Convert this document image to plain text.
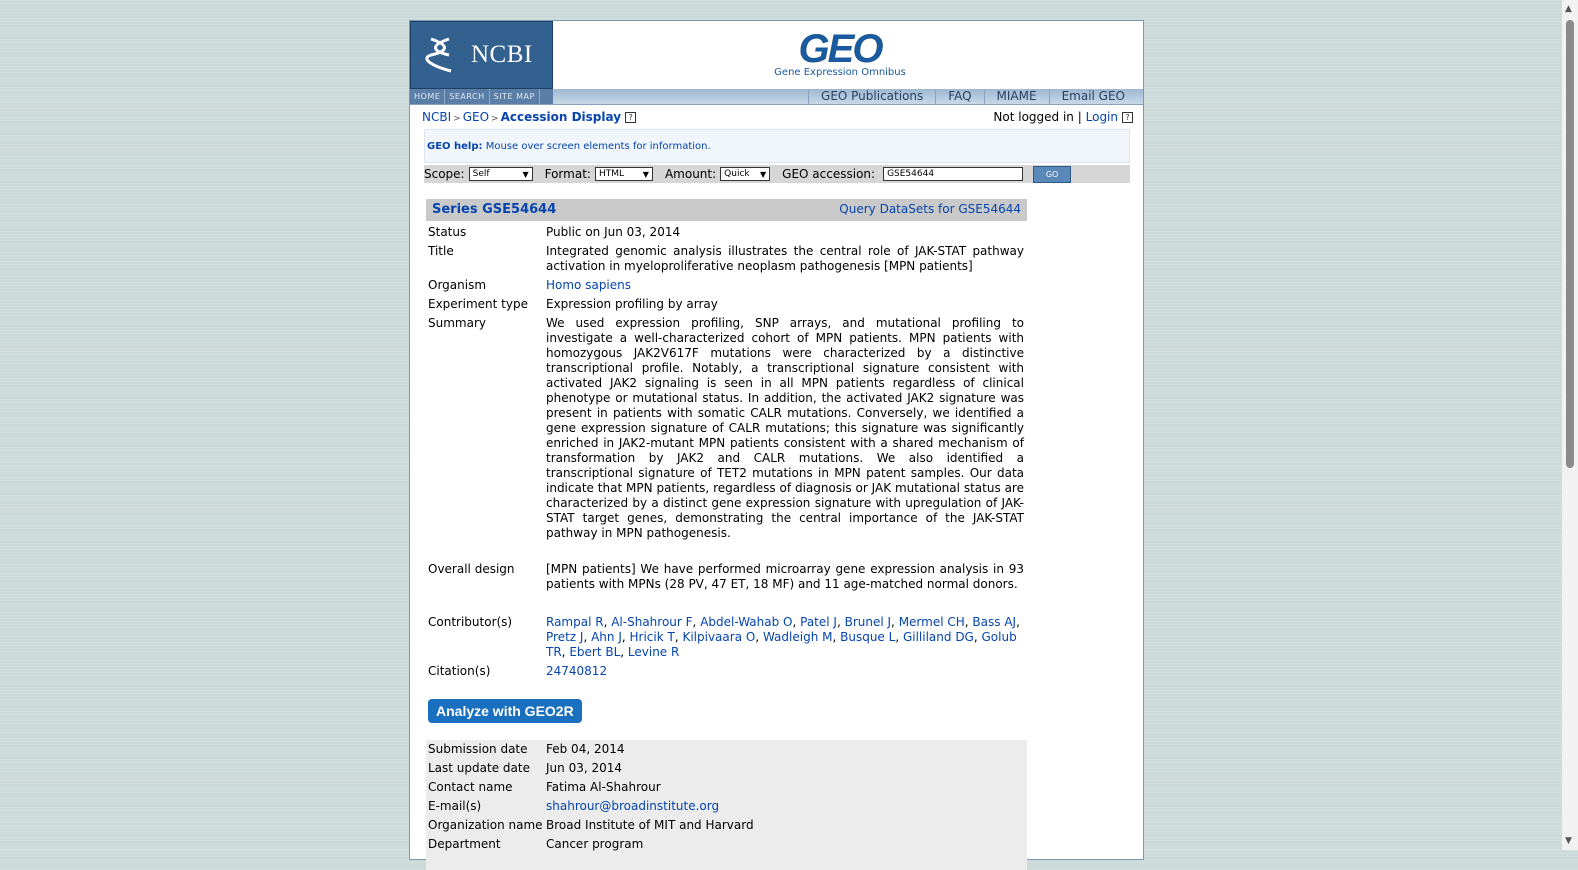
NCBI	GEO
Gene Expression Omnibus
HOME	SEARCH	SITE MAP	GEO Publications	FAQ	MIAME	Email GEO
NCBI > GEO > Accession Display ?	Not logged in | Login ?
GEO help: Mouse over screen elements for information.
Scope: Self	▼ Format: HTML ▼ Amount: Quick ▼ GEO accession:	GSE54644	GO
Series GSE54644	Query DataSets for GSE54644
Status	Public on Jun 03, 2014
Title	Integrated genomic analysis illustrates the central role of JAK-STAT pathway activation in myeloproliferative neoplasm pathogenesis [MPN patients]
Organism	Homo sapiens
Experiment type	Expression profiling by array
Summary	We used expression profiling, SNP arrays, and mutational profiling to investigate a well-characterized cohort of MPN patients. MPN patients with homozygous JAK2V617F mutations were characterized by a distinctive transcriptional profile. Notably, a transcriptional signature consistent with activated JAK2 signaling is seen in all MPN patients regardless of clinical phenotype or mutational status. In addition, the activated JAK2 signature was present in patients with somatic CALR mutations. Conversely, we identified a gene expression signature of CALR mutations; this signature was significantly enriched in JAK2-mutant MPN patients consistent with a shared mechanism of transformation by JAK2 and CALR mutations. We also identified a transcriptional signature of TET2 mutations in MPN patent samples. Our data indicate that MPN patients, regardless of diagnosis or JAK mutational status are characterized by a distinct gene expression signature with upregulation of JAK-STAT target genes, demonstrating the central importance of the JAK-STAT pathway in MPN pathogenesis.
Overall design	[MPN patients] We have performed microarray gene expression analysis in 93 patients with MPNs (28 PV, 47 ET, 18 MF) and 11 age-matched normal donors.
Contributor(s)	Rampal R, Al-Shahrour F, Abdel-Wahab O, Patel J, Brunel J, Mermel CH, Bass AJ, Pretz J, Ahn J, Hricik T, Kilpivaara O, Wadleigh M, Busque L, Gilliland DG, Golub TR, Ebert BL, Levine R
Citation(s)	24740812
Analyze with GEO2R
Submission date	Feb 04, 2014
Last update date	Jun 03, 2014
Contact name	Fatima Al-Shahrour
E-mail(s)	shahrour@broadinstitute.org
Organization name Broad Institute of MIT and Harvard
Department	Cancer program
▲
▼
